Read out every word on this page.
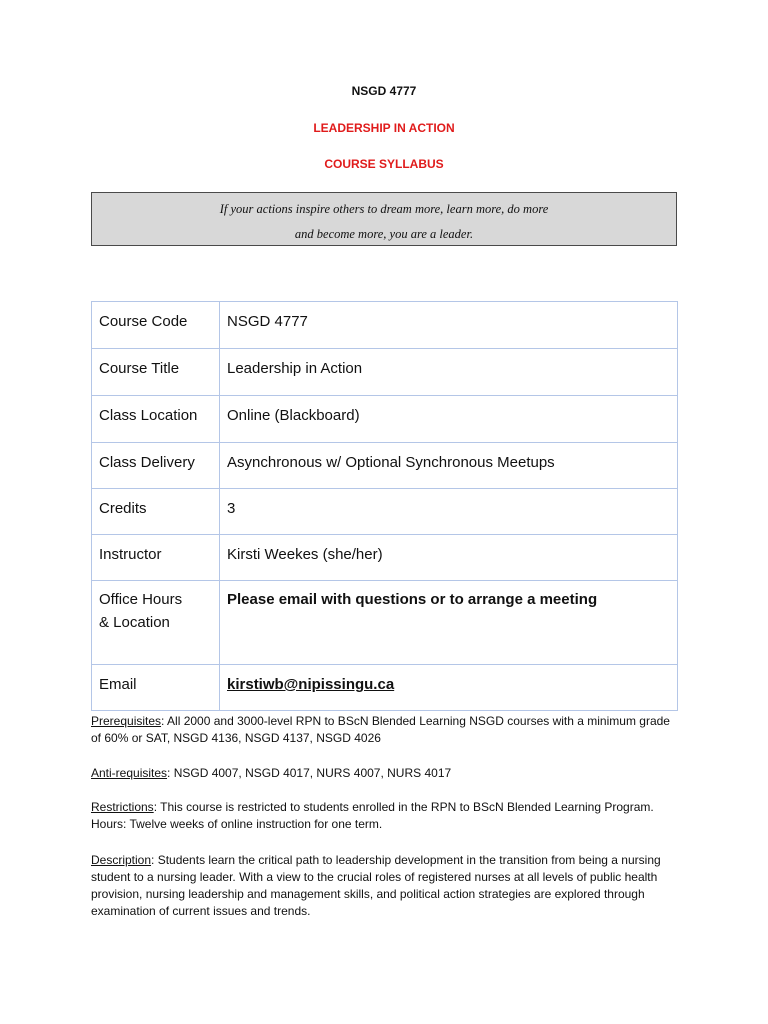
NSGD 4777
LEADERSHIP IN ACTION
COURSE SYLLABUS
If your actions inspire others to dream more, learn more, do more
and become more, you are a leader.
Course Code	NSGD 4777

Course Title	Leadership in Action

Class Location	Online (Blackboard)

Class Delivery	Asynchronous w/ Optional Synchronous Meetups

Credits	3

Instructor	Kirsti Weekes (she/her)

Office Hours
& Location	Please email with questions or to arrange a meeting

Email	kirstiwb@nipissingu.ca
Prerequisites: All 2000 and 3000-level RPN to BScN Blended Learning NSGD courses with a minimum grade of 60% or SAT, NSGD 4136, NSGD 4137, NSGD 4026
Anti-requisites: NSGD 4007, NSGD 4017, NURS 4007, NURS 4017
Restrictions: This course is restricted to students enrolled in the RPN to BScN Blended Learning Program.
Hours: Twelve weeks of online instruction for one term.
Description: Students learn the critical path to leadership development in the transition from being a nursing student to a nursing leader. With a view to the crucial roles of registered nurses at all levels of public health provision, nursing leadership and management skills, and political action strategies are explored through examination of current issues and trends.
